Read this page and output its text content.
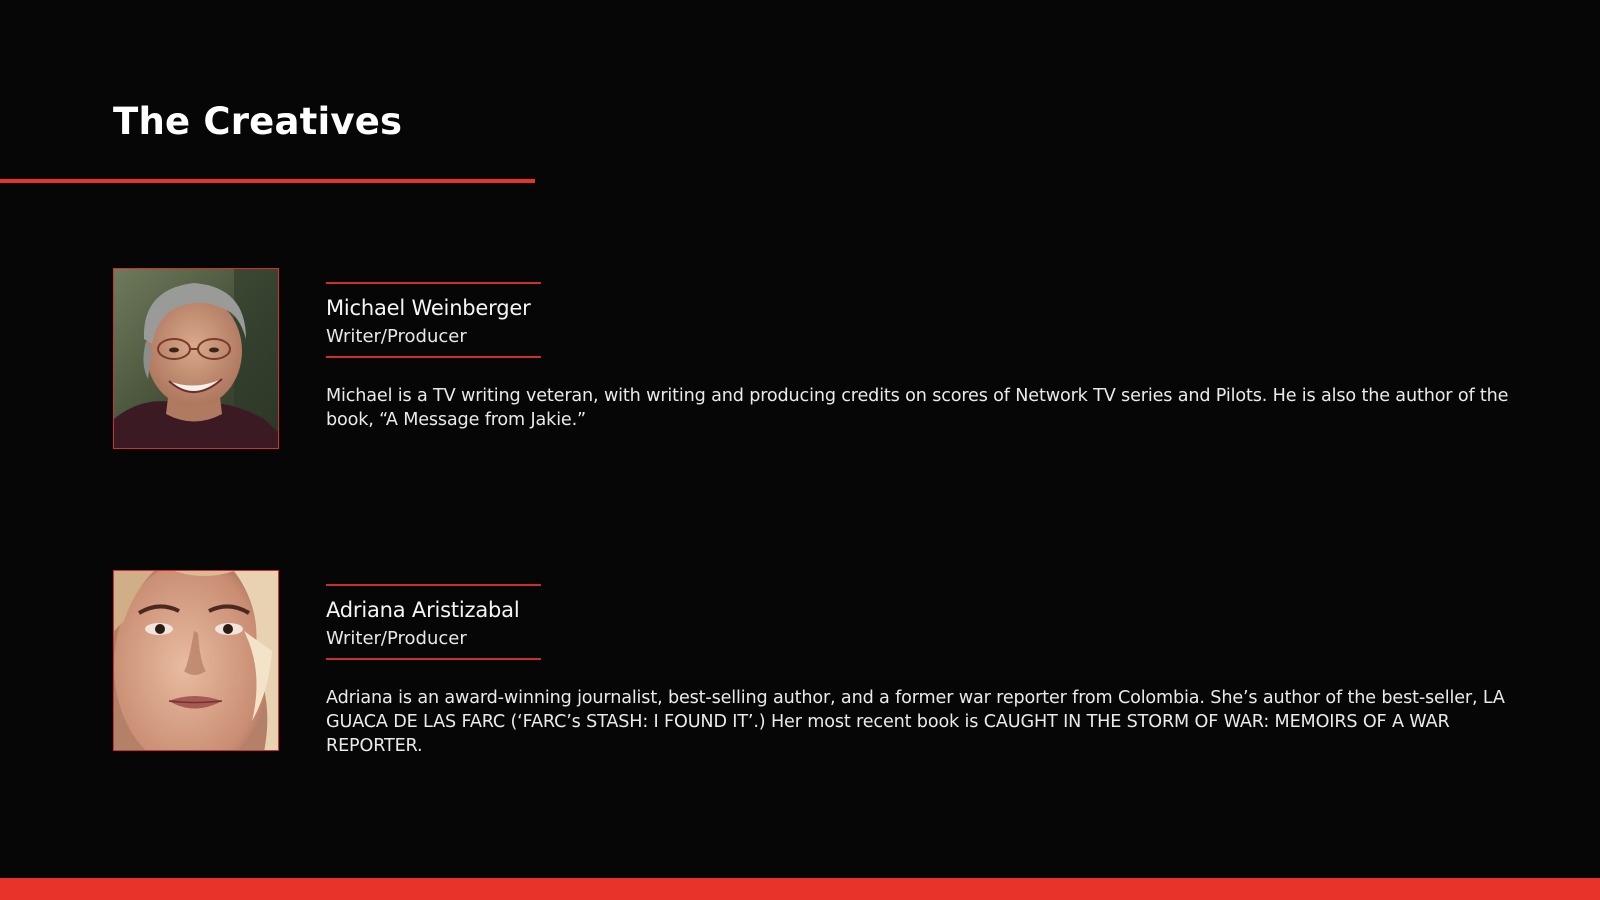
The Creatives
Michael Weinberger
Writer/Producer

Michael is a TV writing veteran, with writing and producing credits on scores of Network TV series and Pilots. He is also the author of the book, “A Message from Jakie.”

Adriana Aristizabal
Writer/Producer

Adriana is an award-winning journalist, best-selling author, and a former war reporter from Colombia. She’s author of the best-seller, LA GUACA DE LAS FARC (‘FARC’s STASH: I FOUND IT’.) Her most recent book is CAUGHT IN THE STORM OF WAR: MEMOIRS OF A WAR REPORTER.
